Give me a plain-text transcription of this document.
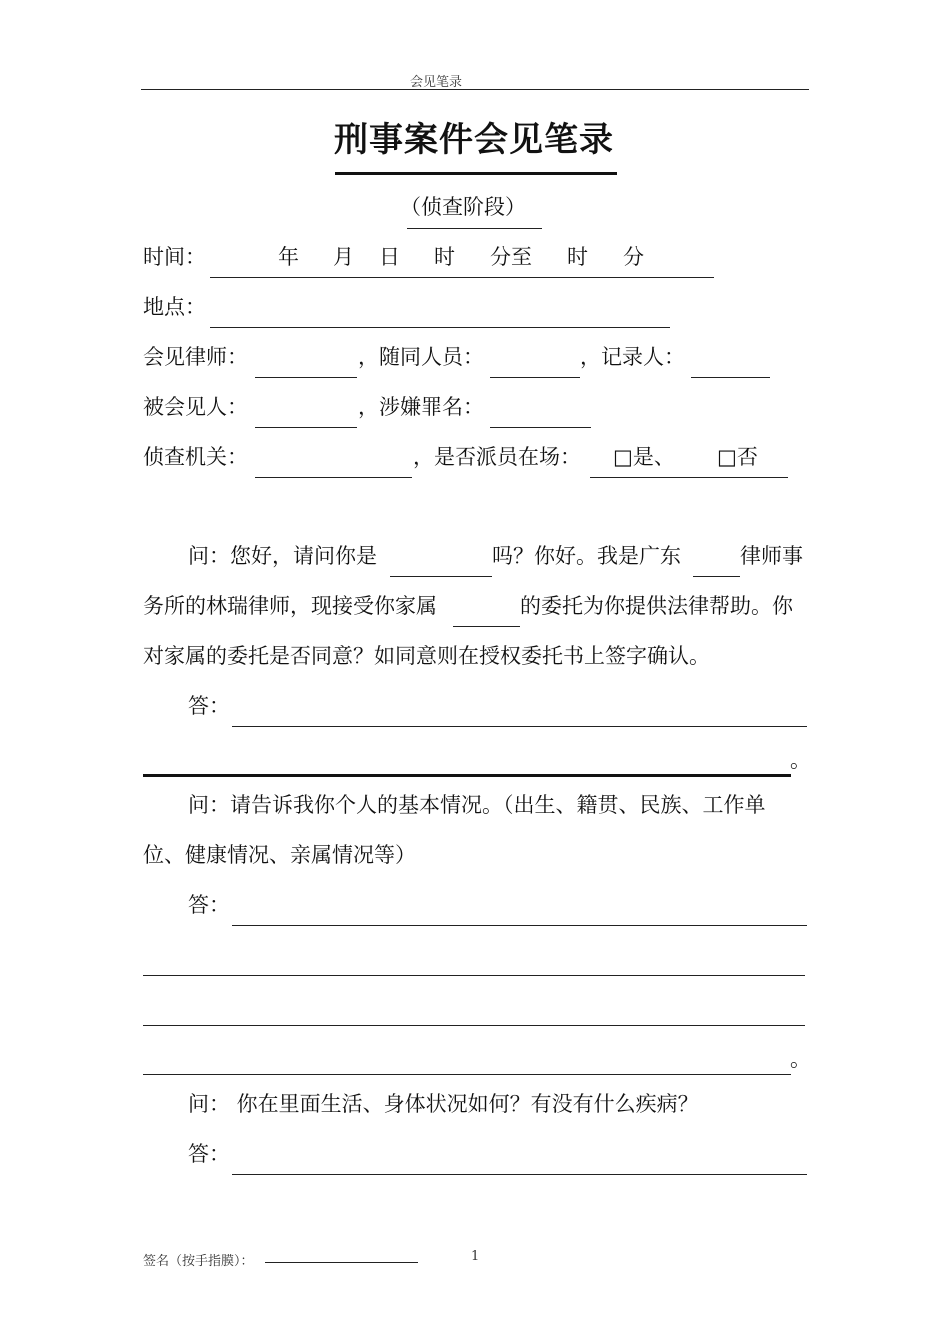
会见笔录
刑事案件会见笔录
（侦查阶段）
时间：	年 月 日 时 分至 时 分
地点：
会见律师：	，随同人员：	，记录人：
被会见人：	，涉嫌罪名：
侦查机关：	，是否派员在场： □是、 □否
问：您好，请问你是	吗？你好。我是广东	律师事
务所的林瑞律师，现接受你家属	的委托为你提供法律帮助。你
对家属的委托是否同意？如同意则在授权委托书上签字确认。
答：
。
问：请告诉我你个人的基本情况。（出生、籍贯、民族、工作单
位、健康情况、亲属情况等）
答：
。
问： 你在里面生活、身体状况如何？有没有什么疾病？
答：
签名（按手指膜）：	1
